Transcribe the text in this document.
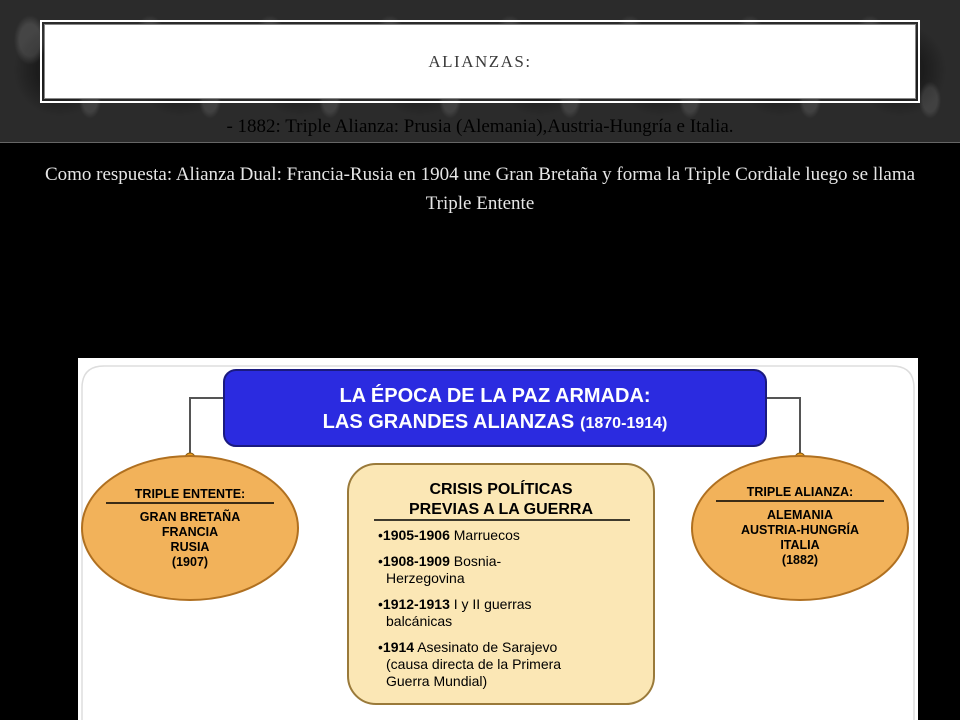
ALIANZAS:
- 1882: Triple Alianza: Prusia (Alemania),Austria-Hungría e Italia.
Como respuesta: Alianza Dual: Francia-Rusia en 1904 une Gran Bretaña y forma la Triple Cordiale luego se llama Triple Entente
LA ÉPOCA DE LA PAZ ARMADA:
LAS GRANDES ALIANZAS (1870-1914)
TRIPLE ENTENTE:
GRAN BRETAÑA
FRANCIA
RUSIA
(1907)
TRIPLE ALIANZA:
ALEMANIA
AUSTRIA-HUNGRÍA
ITALIA
(1882)
CRISIS POLÍTICAS
PREVIAS A LA GUERRA
•1905-1906 Marruecos
•1908-1909 Bosnia-
Herzegovina
•1912-1913 I y II guerras
balcánicas
•1914 Asesinato de Sarajevo
(causa directa de la Primera
Guerra Mundial)
